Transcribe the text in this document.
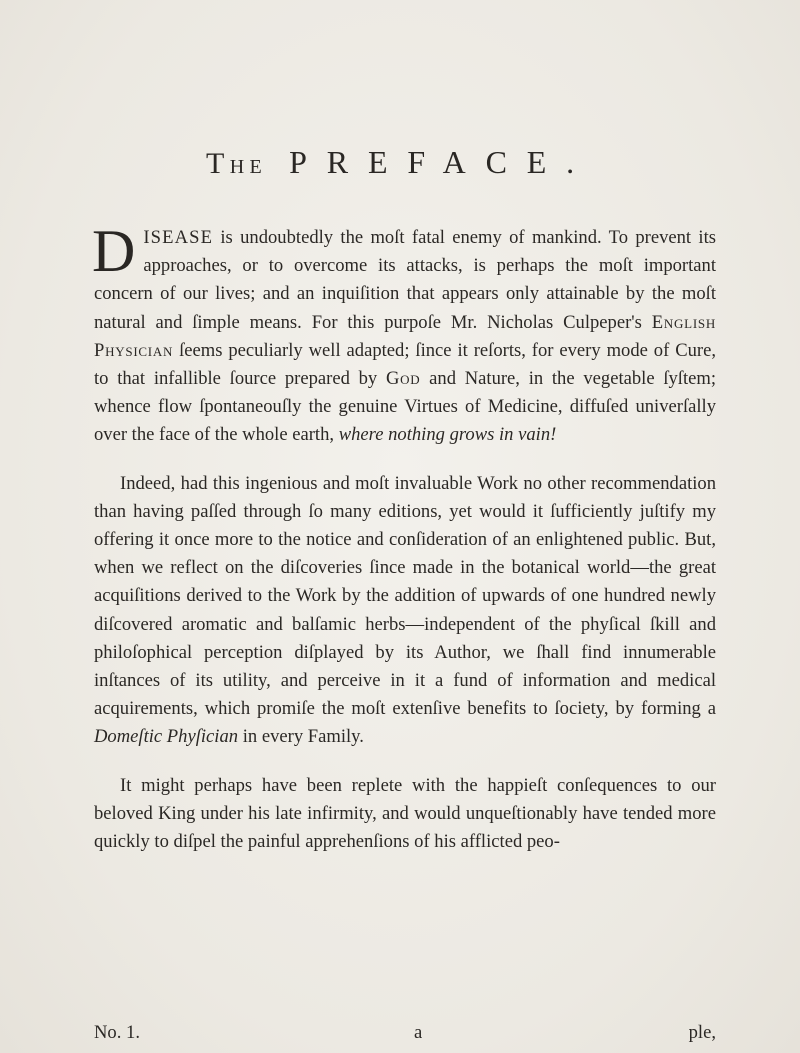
THE PREFACE.

DISEASE is undoubtedly the moſt fatal enemy of mankind. To prevent its approaches, or to overcome its attacks, is perhaps the moſt important concern of our lives; and an inquiſition that appears only attainable by the moſt natural and ſimple means. For this purpoſe Mr. Nicholas Culpeper's English Physician ſeems peculiarly well adapted; ſince it reſorts, for every mode of Cure, to that infallible ſource prepared by God and Nature, in the vegetable ſyſtem; whence flow ſpontaneouſly the genuine Virtues of Medicine, diffuſed univerſally over the face of the whole earth, where nothing grows in vain!

Indeed, had this ingenious and moſt invaluable Work no other recommendation than having paſſed through ſo many editions, yet would it ſufficiently juſtify my offering it once more to the notice and conſideration of an enlightened public. But, when we reflect on the diſcoveries ſince made in the botanical world—the great acquiſitions derived to the Work by the addition of upwards of one hundred newly diſcovered aromatic and balſamic herbs—independent of the phyſical ſkill and philoſophical perception diſplayed by its Author, we ſhall find innumerable inſtances of its utility, and perceive in it a fund of information and medical acquirements, which promiſe the moſt extenſive benefits to ſociety, by forming a Domeſtic Phyſician in every Family.

It might perhaps have been replete with the happieſt conſequences to our beloved King under his late infirmity, and would unqueſtionably have tended more quickly to diſpel the painful apprehenſions of his afflicted peo-

No. 1.	a	ple,
